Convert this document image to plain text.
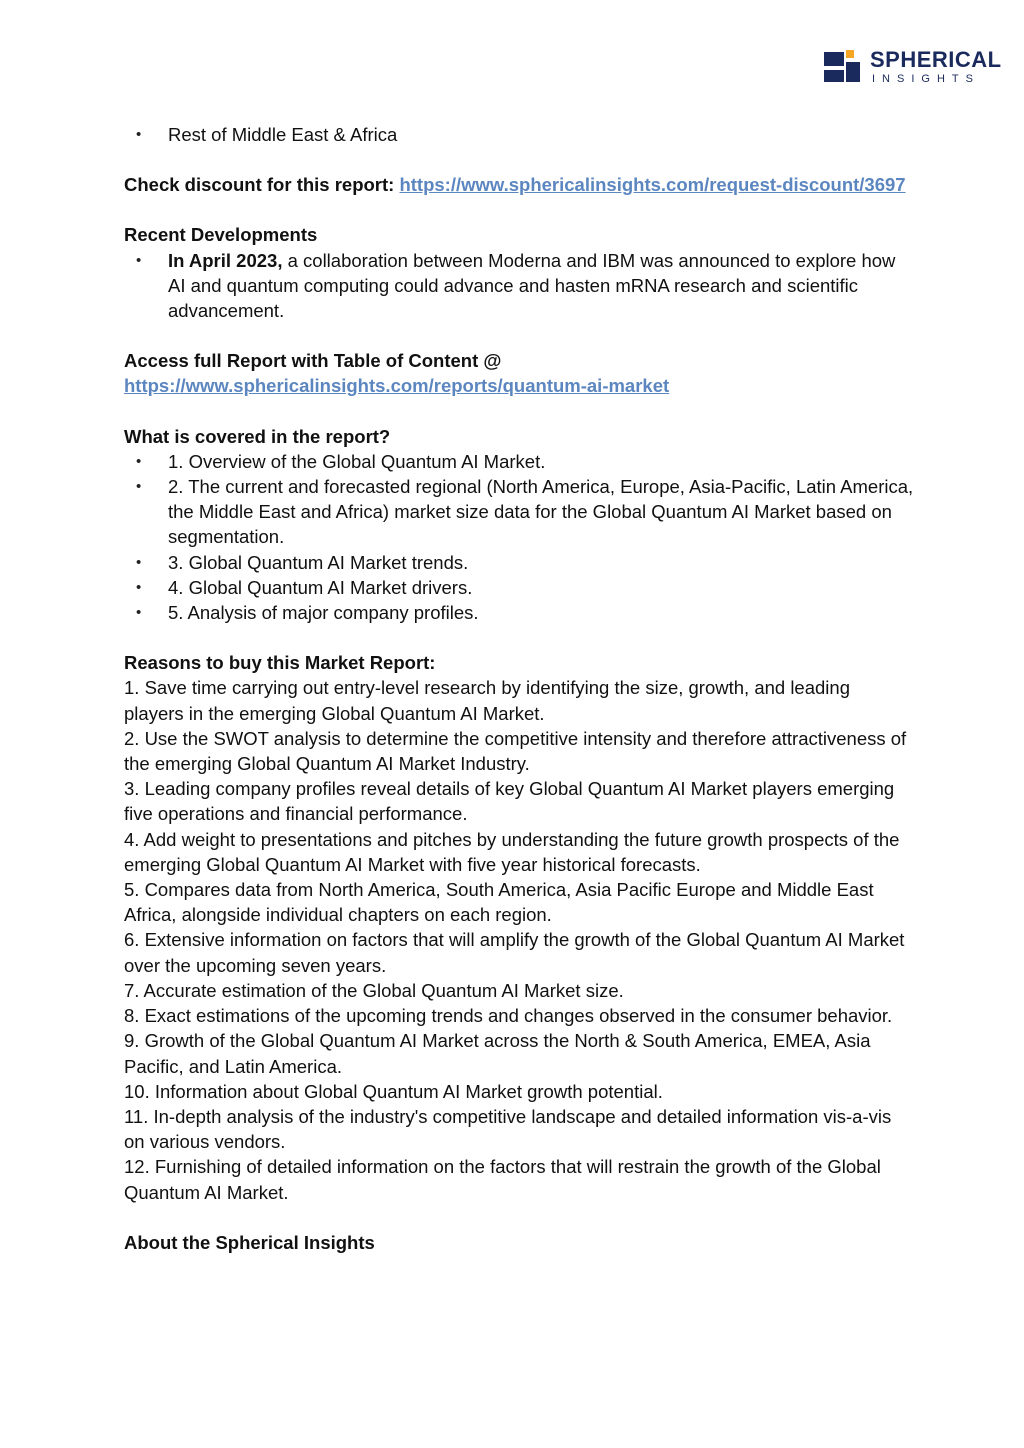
SPHERICAL
INSIGHTS
• Rest of Middle East & Africa

Check discount for this report: https://www.sphericalinsights.com/request-discount/3697

Recent Developments

• In April 2023, a collaboration between Moderna and IBM was announced to explore how AI and quantum computing could advance and hasten mRNA research and scientific advancement.

Access full Report with Table of Content @

https://www.sphericalinsights.com/reports/quantum-ai-market

What is covered in the report?

• 1. Overview of the Global Quantum AI Market.
• 2. The current and forecasted regional (North America, Europe, Asia-Pacific, Latin America, the Middle East and Africa) market size data for the Global Quantum AI Market based on segmentation.
• 3. Global Quantum AI Market trends.
• 4. Global Quantum AI Market drivers.
• 5. Analysis of major company profiles.

Reasons to buy this Market Report:

1. Save time carrying out entry-level research by identifying the size, growth, and leading players in the emerging Global Quantum AI Market.

2. Use the SWOT analysis to determine the competitive intensity and therefore attractiveness of the emerging Global Quantum AI Market Industry.

3. Leading company profiles reveal details of key Global Quantum AI Market players emerging five operations and financial performance.

4. Add weight to presentations and pitches by understanding the future growth prospects of the emerging Global Quantum AI Market with five year historical forecasts.

5. Compares data from North America, South America, Asia Pacific Europe and Middle East Africa, alongside individual chapters on each region.

6. Extensive information on factors that will amplify the growth of the Global Quantum AI Market over the upcoming seven years.

7. Accurate estimation of the Global Quantum AI Market size.

8. Exact estimations of the upcoming trends and changes observed in the consumer behavior.

9. Growth of the Global Quantum AI Market across the North & South America, EMEA, Asia Pacific, and Latin America.

10. Information about Global Quantum AI Market growth potential.

11. In-depth analysis of the industry's competitive landscape and detailed information vis-a-vis on various vendors.

12. Furnishing of detailed information on the factors that will restrain the growth of the Global Quantum AI Market.

About the Spherical Insights
